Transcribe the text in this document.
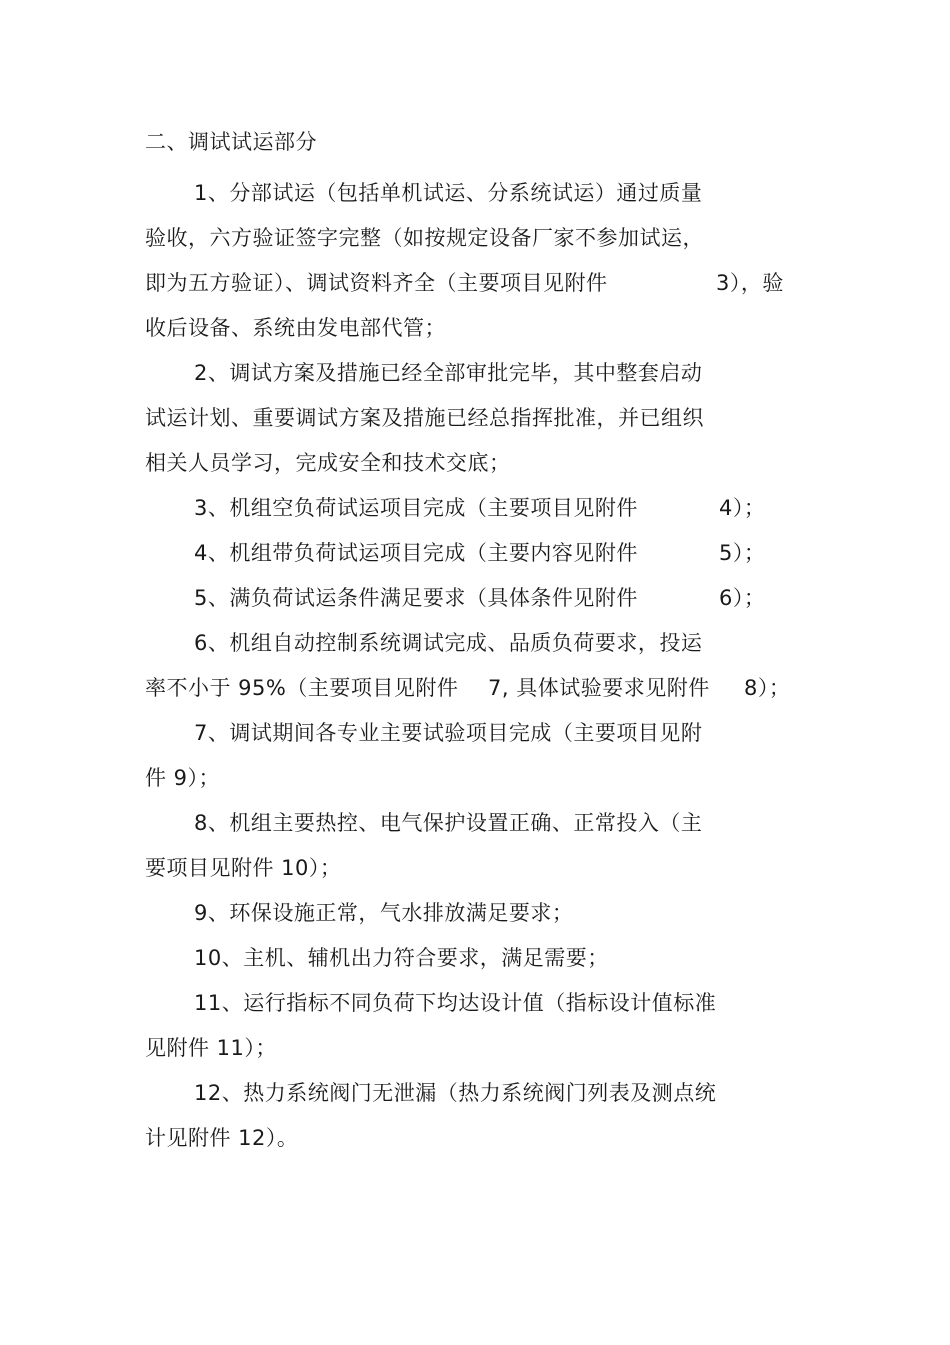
二、调试试运部分
1、分部试运（包括单机试运、分系统试运）通过质量
验收，六方验证签字完整（如按规定设备厂家不参加试运，
即为五方验证）、调试资料齐全（主要项目见附件	3），验
收后设备、系统由发电部代管；
2、调试方案及措施已经全部审批完毕，其中整套启动
试运计划、重要调试方案及措施已经总指挥批准，并已组织
相关人员学习，完成安全和技术交底；
3、机组空负荷试运项目完成（主要项目见附件	4）；
4、机组带负荷试运项目完成（主要内容见附件	5）；
5、满负荷试运条件满足要求（具体条件见附件	6）；
6、机组自动控制系统调试完成、品质负荷要求，投运
率不小于 95%（主要项目见附件 7, 具体试验要求见附件 8）；
7、调试期间各专业主要试验项目完成（主要项目见附
件 9）；
8、机组主要热控、电气保护设置正确、正常投入（主
要项目见附件 10）；
9、环保设施正常，气水排放满足要求；
10、主机、辅机出力符合要求，满足需要；
11、运行指标不同负荷下均达设计值（指标设计值标准
见附件 11）；
12、热力系统阀门无泄漏（热力系统阀门列表及测点统
计见附件 12）。
